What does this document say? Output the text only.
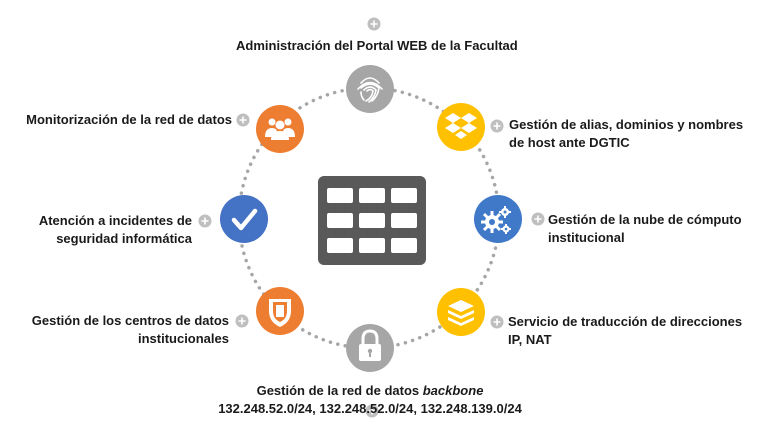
Administración del Portal WEB de la Facultad
Gestión de alias, dominios y nombres
de host ante DGTIC
Gestión de la nube de cómputo
institucional
Servicio de traducción de direcciones
IP, NAT
Gestión de la red de datos backbone
132.248.52.0/24, 132.248.52.0/24, 132.248.139.0/24
Gestión de los centros de datos
institucionales
Atención a incidentes de
seguridad informática
Monitorización de la red de datos
